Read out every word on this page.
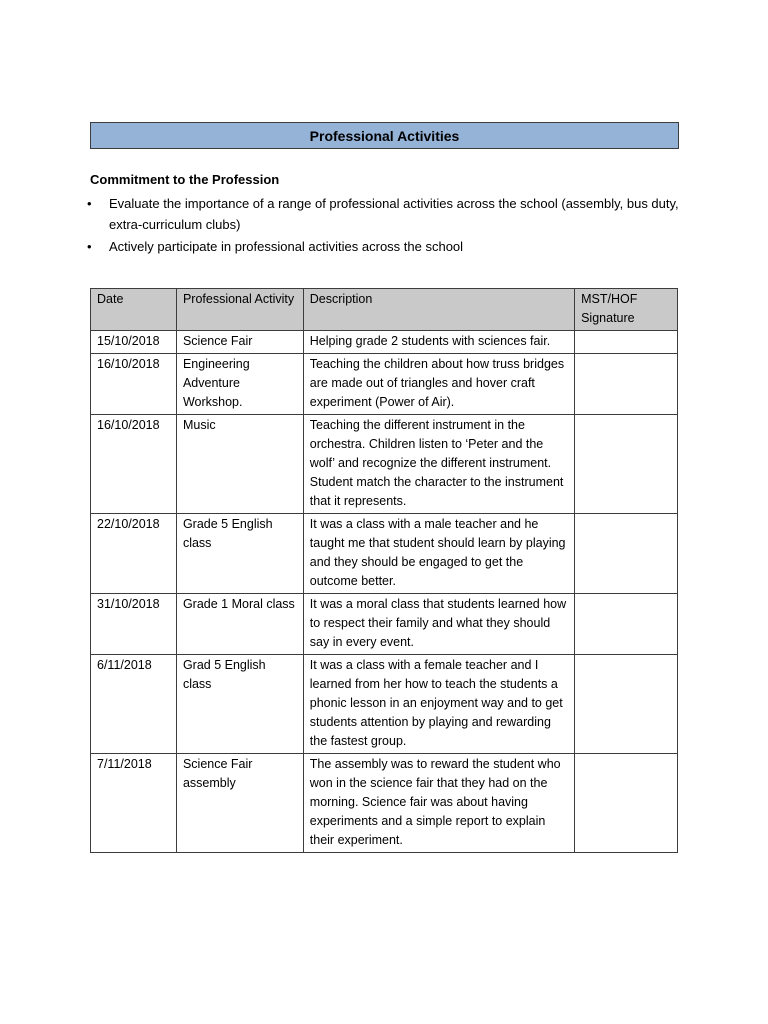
Professional Activities
Commitment to the Profession
• Evaluate the importance of a range of professional activities across the school (assembly, bus duty, extra-curriculum clubs)
• Actively participate in professional activities across the school
Date	Professional Activity	Description	MST/HOF Signature
15/10/2018	Science Fair	Helping grade 2 students with sciences fair.	
16/10/2018	Engineering Adventure Workshop.	Teaching the children about how truss bridges are made out of triangles and hover craft experiment (Power of Air).	
16/10/2018	Music	Teaching the different instrument in the orchestra. Children listen to ‘Peter and the wolf’ and recognize the different instrument. Student match the character to the instrument that it represents.	
22/10/2018	Grade 5 English class	It was a class with a male teacher and he taught me that student should learn by playing and they should be engaged to get the outcome better.	
31/10/2018	Grade 1 Moral class	It was a moral class that students learned how to respect their family and what they should say in every event.	
6/11/2018	Grad 5 English class	It was a class with a female teacher and I learned from her how to teach the students a phonic lesson in an enjoyment way and to get students attention by playing and rewarding the fastest group.	
7/11/2018	Science Fair assembly	The assembly was to reward the student who won in the science fair that they had on the morning. Science fair was about having experiments and a simple report to explain their experiment.	
